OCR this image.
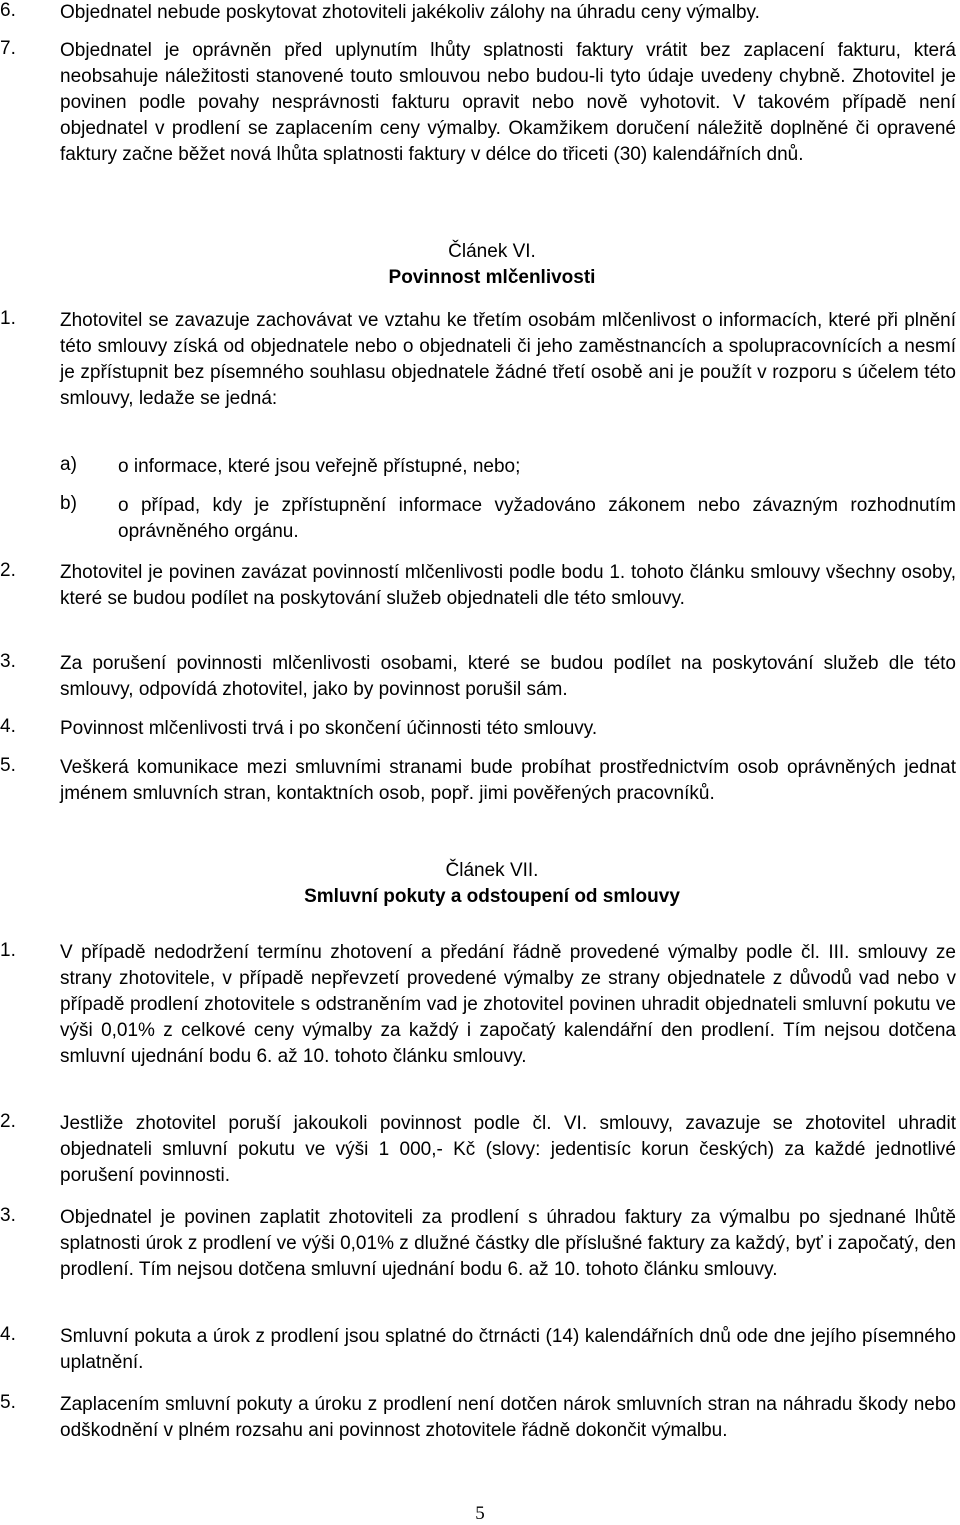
6. Objednatel nebude poskytovat zhotoviteli jakékoliv zálohy na úhradu ceny výmalby.
7. Objednatel je oprávněn před uplynutím lhůty splatnosti faktury vrátit bez zaplacení fakturu, která neobsahuje náležitosti stanovené touto smlouvou nebo budou-li tyto údaje uvedeny chybně. Zhotovitel je povinen podle povahy nesprávnosti fakturu opravit nebo nově vyhotovit. V takovém případě není objednatel v prodlení se zaplacením ceny výmalby. Okamžikem doručení náležitě doplněné či opravené faktury začne běžet nová lhůta splatnosti faktury v délce do třiceti (30) kalendářních dnů.
Článek VI.
Povinnost mlčenlivosti
1. Zhotovitel se zavazuje zachovávat ve vztahu ke třetím osobám mlčenlivost o informacích, které při plnění této smlouvy získá od objednatele nebo o objednateli či jeho zaměstnancích a spolupracovnících a nesmí je zpřístupnit bez písemného souhlasu objednatele žádné třetí osobě ani je použít v rozporu s účelem této smlouvy, ledaže se jedná:
a) o informace, které jsou veřejně přístupné, nebo;
b) o případ, kdy je zpřístupnění informace vyžadováno zákonem nebo závazným rozhodnutím oprávněného orgánu.
2. Zhotovitel je povinen zavázat povinností mlčenlivosti podle bodu 1. tohoto článku smlouvy všechny osoby, které se budou podílet na poskytování služeb objednateli dle této smlouvy.
3. Za porušení povinnosti mlčenlivosti osobami, které se budou podílet na poskytování služeb dle této smlouvy, odpovídá zhotovitel, jako by povinnost porušil sám.
4. Povinnost mlčenlivosti trvá i po skončení účinnosti této smlouvy.
5. Veškerá komunikace mezi smluvními stranami bude probíhat prostřednictvím osob oprávněných jednat jménem smluvních stran, kontaktních osob, popř. jimi pověřených pracovníků.
Článek VII.
Smluvní pokuty a odstoupení od smlouvy
1. V případě nedodržení termínu zhotovení a předání řádně provedené výmalby podle čl. III. smlouvy ze strany zhotovitele, v případě nepřevzetí provedené výmalby ze strany objednatele z důvodů vad nebo v případě prodlení zhotovitele s odstraněním vad je zhotovitel povinen uhradit objednateli smluvní pokutu ve výši 0,01% z celkové ceny výmalby za každý i započatý kalendářní den prodlení. Tím nejsou dotčena smluvní ujednání bodu 6. až 10. tohoto článku smlouvy.
2. Jestliže zhotovitel poruší jakoukoli povinnost podle čl. VI. smlouvy, zavazuje se zhotovitel uhradit objednateli smluvní pokutu ve výši 1 000,- Kč (slovy: jedentisíc korun českých) za každé jednotlivé porušení povinnosti.
3. Objednatel je povinen zaplatit zhotoviteli za prodlení s úhradou faktury za výmalbu po sjednané lhůtě splatnosti úrok z prodlení ve výši 0,01% z dlužné částky dle příslušné faktury za každý, byť i započatý, den prodlení. Tím nejsou dotčena smluvní ujednání bodu 6. až 10. tohoto článku smlouvy.
4. Smluvní pokuta a úrok z prodlení jsou splatné do čtrnácti (14) kalendářních dnů ode dne jejího písemného uplatnění.
5. Zaplacením smluvní pokuty a úroku z prodlení není dotčen nárok smluvních stran na náhradu škody nebo odškodnění v plném rozsahu ani povinnost zhotovitele řádně dokončit výmalbu.
5
